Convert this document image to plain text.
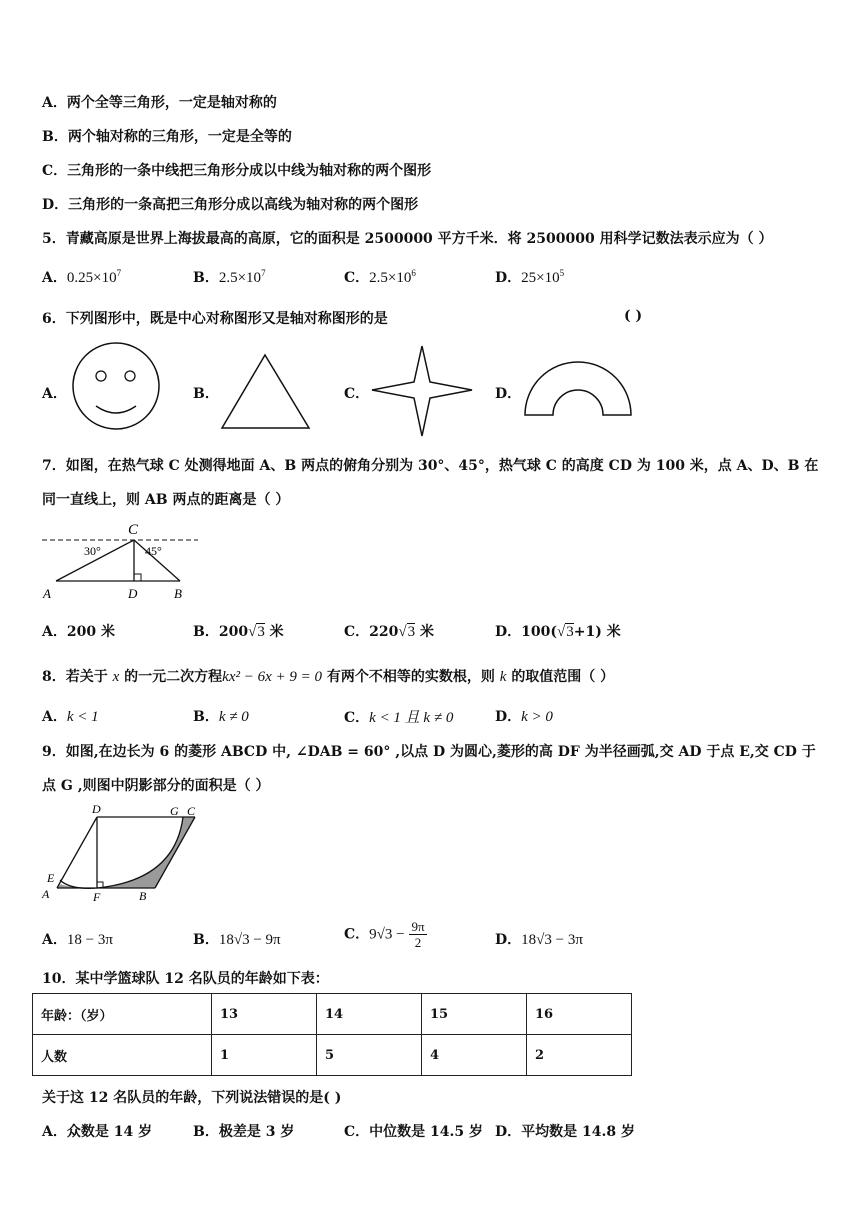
A．两个全等三角形，一定是轴对称的
B．两个轴对称的三角形，一定是全等的
C．三角形的一条中线把三角形分成以中线为轴对称的两个图形
D．三角形的一条高把三角形分成以高线为轴对称的两个图形
5．青藏高原是世界上海拔最高的高原，它的面积是 2500000 平方千米．将 2500000 用科学记数法表示应为（ ）
A．$0.25\times 10^7$	B．$2.5\times 10^7$	C．$2.5\times 10^6$	D．$25\times 10^5$
6．下列图形中，既是中心对称图形又是轴对称图形的是	( )
A．	B．	C．	D．
7．如图，在热气球 C 处测得地面 A、B 两点的俯角分别为 30°、45°，热气球 C 的高度 CD 为 100 米，点 A、D、B 在
同一直线上，则 AB 两点的距离是（ ）
C
30°	45°
A	D	B
A．200 米	B．200√3 米	C．220√3 米	D．100(√3+1) 米
8．若关于 x 的一元二次方程kx² − 6x + 9 = 0 有两个不相等的实数根，则 k 的取值范围（ ）
A．k < 1	B．k ≠ 0	C．k < 1 且 k ≠ 0	D．k > 0
9．如图,在边长为 6 的菱形 ABCD 中, ∠DAB = 60° ,以点 D 为圆心,菱形的高 DF 为半径画弧,交 AD 于点 E,交 CD 于
点 G ,则图中阴影部分的面积是（ ）
D	G C
E
A	F	B
A．18 − 3π	B．18√3 − 9π	C．$9√3 - \frac{9\pi}{2}$	D．18√3 − 3π
10．某中学篮球队 12 名队员的年龄如下表：
年龄：（岁）	13	14	15	16
人数	1	5	4	2
关于这 12 名队员的年龄，下列说法错误的是( )
A．众数是 14 岁	B．极差是 3 岁	C．中位数是 14.5 岁 D．平均数是 14.8 岁
